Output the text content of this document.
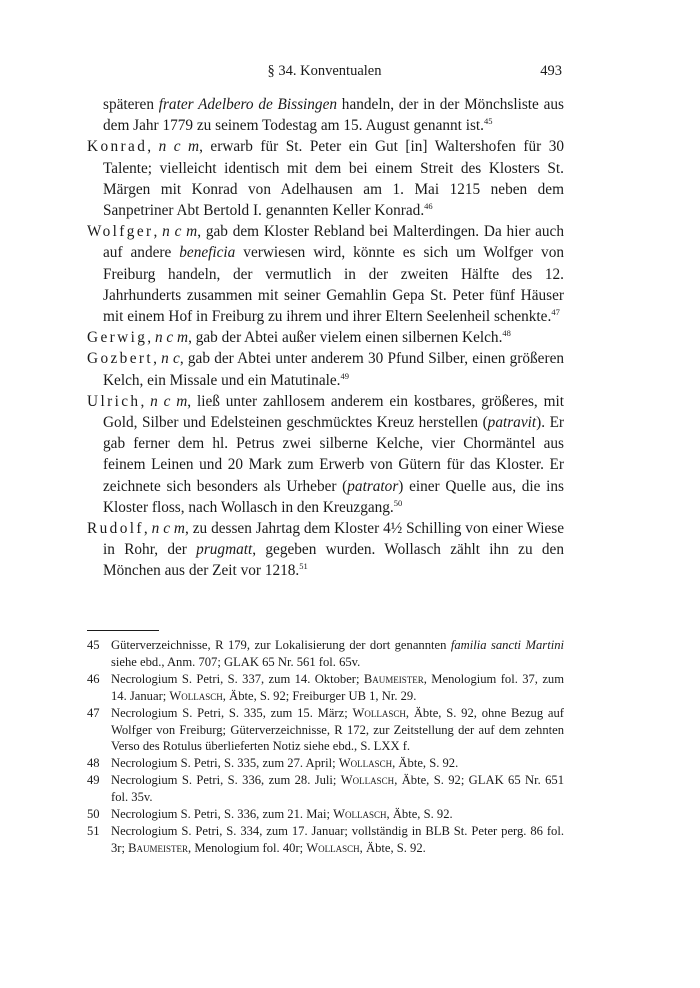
§ 34. Konventualen	493

späteren frater Adelbero de Bissingen handeln, der in der Mönchsliste aus dem Jahr 1779 zu seinem Todestag am 15. August genannt ist.$^{45}$

Konrad, n c m, erwarb für St. Peter ein Gut [in] Waltershofen für 30 Talente; vielleicht identisch mit dem bei einem Streit des Klosters St. Märgen mit Konrad von Adelhausen am 1. Mai 1215 neben dem Sanpetriner Abt Bertold I. genannten Keller Konrad.$^{46}$

Wolfger, n c m, gab dem Kloster Rebland bei Malterdingen. Da hier auch auf andere beneficia verwiesen wird, könnte es sich um Wolfger von Freiburg handeln, der vermutlich in der zweiten Hälfte des 12. Jahrhunderts zusammen mit seiner Gemahlin Gepa St. Peter fünf Häuser mit einem Hof in Freiburg zu ihrem und ihrer Eltern Seelenheil schenkte.$^{47}$

Gerwig, n c m, gab der Abtei außer vielem einen silbernen Kelch.$^{48}$

Gozbert, n c, gab der Abtei unter anderem 30 Pfund Silber, einen größeren Kelch, ein Missale und ein Matutinale.$^{49}$

Ulrich, n c m, ließ unter zahllosem anderem ein kostbares, größeres, mit Gold, Silber und Edelsteinen geschmücktes Kreuz herstellen (patravit). Er gab ferner dem hl. Petrus zwei silberne Kelche, vier Chormäntel aus feinem Leinen und 20 Mark zum Erwerb von Gütern für das Kloster. Er zeichnete sich besonders als Urheber (patrator) einer Quelle aus, die ins Kloster floss, nach Wollasch in den Kreuzgang.$^{50}$

Rudolf, n c m, zu dessen Jahrtag dem Kloster 4½ Schilling von einer Wiese in Rohr, der prugmatt, gegeben wurden. Wollasch zählt ihn zu den Mönchen aus der Zeit vor 1218.51

45 Güterverzeichnisse, R 179, zur Lokalisierung der dort genannten familia sancti Martini siehe ebd., Anm. 707; GLAK 65 Nr. 561 fol. 65v.
46 Necrologium S. Petri, S. 337, zum 14. Oktober; Baumeister, Menologium fol. 37, zum 14. Januar; Wollasch, Äbte, S. 92; Freiburger UB 1, Nr. 29.
47 Necrologium S. Petri, S. 335, zum 15. März; Wollasch, Äbte, S. 92, ohne Bezug auf Wolfger von Freiburg; Güterverzeichnisse, R 172, zur Zeitstellung der auf dem zehnten Verso des Rotulus überlieferten Notiz siehe ebd., S. LXX f.
48 Necrologium S. Petri, S. 335, zum 27. April; Wollasch, Äbte, S. 92.
49 Necrologium S. Petri, S. 336, zum 28. Juli; Wollasch, Äbte, S. 92; GLAK 65 Nr. 651 fol. 35v.
50 Necrologium S. Petri, S. 336, zum 21. Mai; Wollasch, Äbte, S. 92.
51 Necrologium S. Petri, S. 334, zum 17. Januar; vollständig in BLB St. Peter perg. 86 fol. 3r; Baumeister, Menologium fol. 40r; Wollasch, Äbte, S. 92.
